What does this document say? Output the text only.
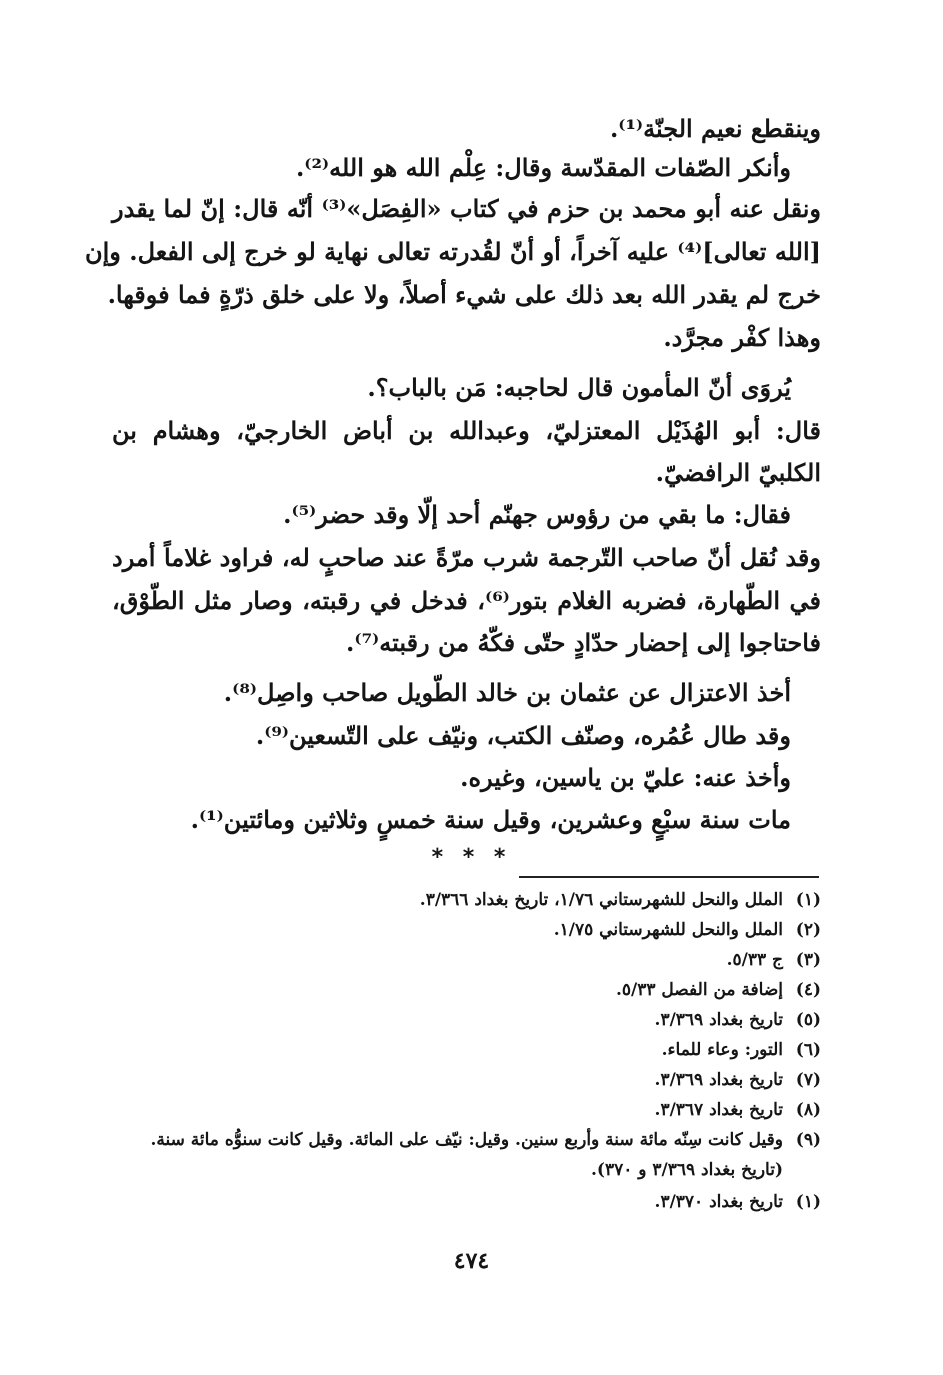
وينقطع نعيم الجنّة⁽¹⁾.
وأنكر الصّفات المقدّسة وقال: عِلْم الله هو الله⁽²⁾.
ونقل عنه أبو محمد بن حزم في كتاب «الفِصَل»⁽³⁾ أنّه قال: إنّ لما يقدر
[الله تعالى]⁽⁴⁾ عليه آخراً، أو أنّ لقُدرته تعالى نهاية لو خرج إلى الفعل. وإن
خرج لم يقدر الله بعد ذلك على شيء أصلاً، ولا على خلق ذرّةٍ فما فوقها.
وهذا كفْر مجرَّد.
يُروَى أنّ المأمون قال لحاجبه: مَن بالباب؟.
قال: أبو الهُذَيْل المعتزليّ، وعبدالله بن أباض الخارجيّ، وهشام بن
الكلبيّ الرافضيّ.
فقال: ما بقي من رؤوس جهنّم أحد إلّا وقد حضر⁽⁵⁾.
وقد نُقل أنّ صاحب التّرجمة شرب مرّةً عند صاحبٍ له، فراود غلاماً أمرد
في الطّهارة، فضربه الغلام بتور⁽⁶⁾، فدخل في رقبته، وصار مثل الطّوْق،
فاحتاجوا إلى إحضار حدّادٍ حتّى فكّهُ من رقبته⁽⁷⁾.
أخذ الاعتزال عن عثمان بن خالد الطّويل صاحب واصِل⁽⁸⁾.
وقد طال عُمُره، وصنّف الكتب، ونيّف على التّسعين⁽⁹⁾.
وأخذ عنه: عليّ بن ياسين، وغيره.
مات سنة سبْعٍ وعشرين، وقيل سنة خمسٍ وثلاثين ومائتين⁽¹⁾.
* * *
(١)الملل والنحل للشهرستاني ١/٧٦، تاريخ بغداد ٣/٣٦٦.
(٢)الملل والنحل للشهرستاني ١/٧٥.
(٣)ج ٥/٣٣.
(٤)إضافة من الفصل ٥/٣٣.
(٥)تاريخ بغداد ٣/٣٦٩.
(٦)التور: وعاء للماء.
(٧)تاريخ بغداد ٣/٣٦٩.
(٨)تاريخ بغداد ٣/٣٦٧.
(٩)وقيل كانت سِنّه مائة سنة وأربع سنين. وقيل: نيّف على المائة. وقيل كانت سنوُّه مائة سنة.
(تاريخ بغداد ٣/٣٦٩ و ٣٧٠).
(١)تاريخ بغداد ٣/٣٧٠.
٤٧٤
